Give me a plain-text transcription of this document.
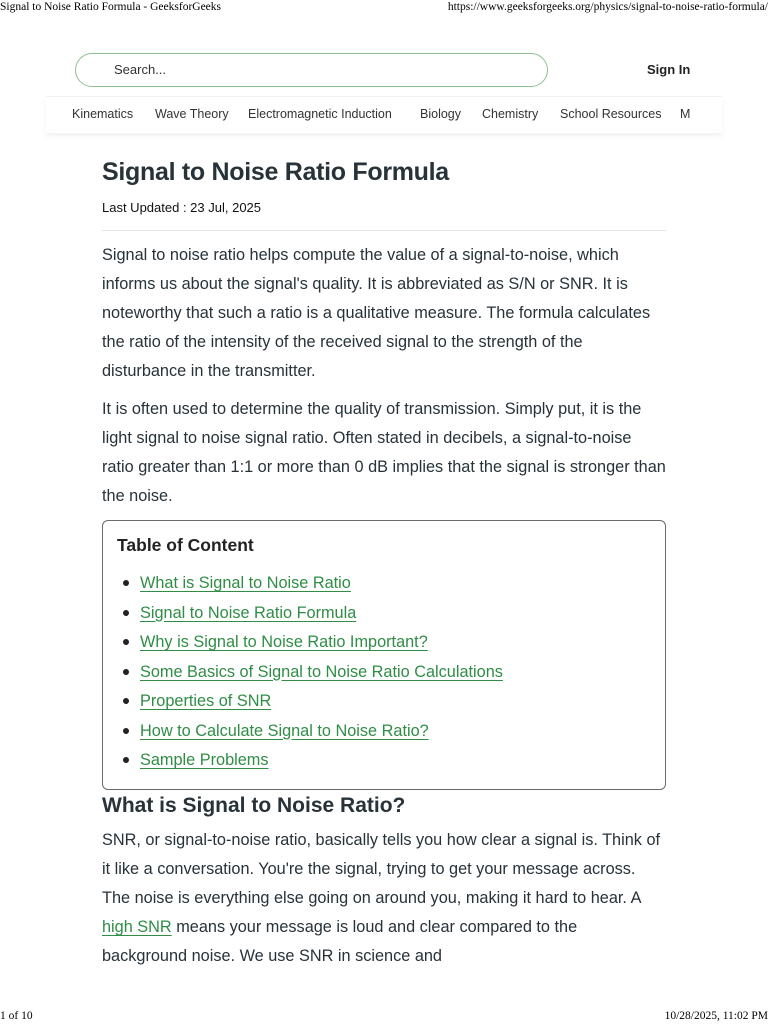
Signal to Noise Ratio Formula - GeeksforGeeks	https://www.geeksforgeeks.org/physics/signal-to-noise-ratio-formula/
Search...
Sign In
Kinematics Wave Theory Electromagnetic Induction Biology Chemistry School Resources M
Signal to Noise Ratio Formula
Last Updated : 23 Jul, 2025

Signal to noise ratio helps compute the value of a signal-to-noise, which informs us about the signal's quality. It is abbreviated as S/N or SNR. It is noteworthy that such a ratio is a qualitative measure. The formula calculates the ratio of the intensity of the received signal to the strength of the disturbance in the transmitter.

It is often used to determine the quality of transmission. Simply put, it is the light signal to noise signal ratio. Often stated in decibels, a signal-to-noise ratio greater than 1:1 or more than 0 dB implies that the signal is stronger than the noise.

Table of Content
What is Signal to Noise Ratio
Signal to Noise Ratio Formula
Why is Signal to Noise Ratio Important?
Some Basics of Signal to Noise Ratio Calculations
Properties of SNR
How to Calculate Signal to Noise Ratio?
Sample Problems
What is Signal to Noise Ratio?

SNR, or signal-to-noise ratio, basically tells you how clear a signal is. Think of it like a conversation. You're the signal, trying to get your message across. The noise is everything else going on around you, making it hard to hear. A high SNR means your message is loud and clear compared to the background noise. We use SNR in science and

1 of 10	10/28/2025, 11:02 PM
